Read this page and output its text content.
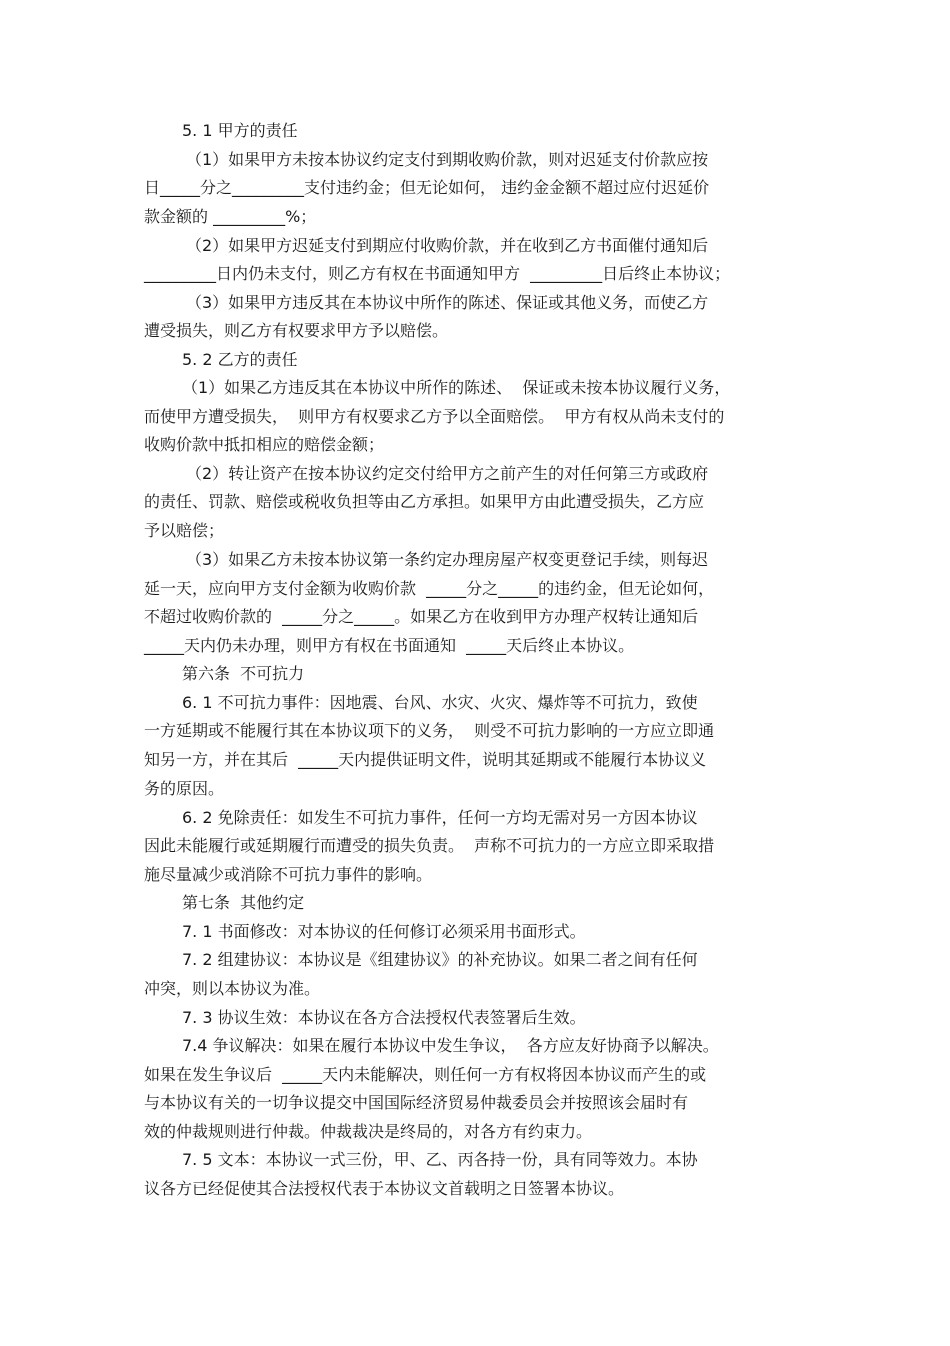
5. 1 甲方的责任
（1）如果甲方未按本协议约定支付到期收购价款，则对迟延支付价款应按
日_____分之_________支付违约金；但无论如何， 违约金金额不超过应付迟延价
款金额的 _________%；
（2）如果甲方迟延支付到期应付收购价款，并在收到乙方书面催付通知后
_________日内仍未支付，则乙方有权在书面通知甲方  _________日后终止本协议；
（3）如果甲方违反其在本协议中所作的陈述、保证或其他义务，而使乙方
遭受损失，则乙方有权要求甲方予以赔偿。
5. 2 乙方的责任
（1）如果乙方违反其在本协议中所作的陈述、  保证或未按本协议履行义务，
而使甲方遭受损失，  则甲方有权要求乙方予以全面赔偿。  甲方有权从尚未支付的
收购价款中抵扣相应的赔偿金额；
（2）转让资产在按本协议约定交付给甲方之前产生的对任何第三方或政府
的责任、罚款、赔偿或税收负担等由乙方承担。如果甲方由此遭受损失，乙方应
予以赔偿；
（3）如果乙方未按本协议第一条约定办理房屋产权变更登记手续，则每迟
延一天，应向甲方支付金额为收购价款  _____分之_____的违约金，但无论如何，
不超过收购价款的  _____分之_____。如果乙方在收到甲方办理产权转让通知后
_____天内仍未办理，则甲方有权在书面通知  _____天后终止本协议。
第六条  不可抗力
6. 1 不可抗力事件：因地震、台风、水灾、火灾、爆炸等不可抗力，致使
一方延期或不能履行其在本协议项下的义务，  则受不可抗力影响的一方应立即通
知另一方，并在其后  _____天内提供证明文件，说明其延期或不能履行本协议义
务的原因。
6. 2 免除责任：如发生不可抗力事件，任何一方均无需对另一方因本协议
因此未能履行或延期履行而遭受的损失负责。  声称不可抗力的一方应立即采取措
施尽量减少或消除不可抗力事件的影响。
第七条  其他约定
7. 1 书面修改：对本协议的任何修订必须采用书面形式。
7. 2 组建协议：本协议是《组建协议》的补充协议。如果二者之间有任何
冲突，则以本协议为准。
7. 3 协议生效：本协议在各方合法授权代表签署后生效。
7.4 争议解决：如果在履行本协议中发生争议，  各方应友好协商予以解决。
如果在发生争议后  _____天内未能解决，则任何一方有权将因本协议而产生的或
与本协议有关的一切争议提交中国国际经济贸易仲裁委员会并按照该会届时有
效的仲裁规则进行仲裁。仲裁裁决是终局的，对各方有约束力。
7. 5 文本：本协议一式三份，甲、乙、丙各持一份，具有同等效力。本协
议各方已经促使其合法授权代表于本协议文首载明之日签署本协议。
